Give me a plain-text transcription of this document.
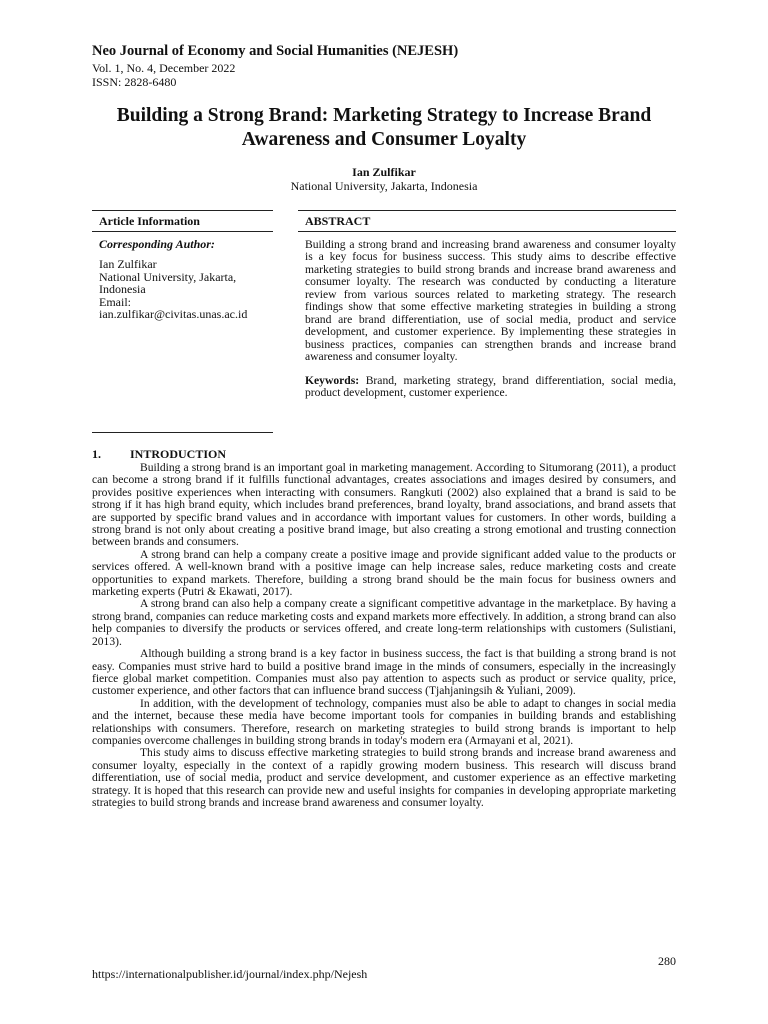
Neo Journal of Economy and Social Humanities (NEJESH)
Vol. 1, No. 4, December 2022
ISSN: 2828-6480
Building a Strong Brand: Marketing Strategy to Increase Brand
Awareness and Consumer Loyalty
Ian Zulfikar
National University, Jakarta, Indonesia
Article Information
Corresponding Author:
Ian Zulfikar
National University, Jakarta,
Indonesia
Email:
ian.zulfikar@civitas.unas.ac.id
ABSTRACT
Building a strong brand and increasing brand awareness and consumer loyalty is a key focus for business success. This study aims to describe effective marketing strategies to build strong brands and increase brand awareness and consumer loyalty. The research was conducted by conducting a literature review from various sources related to marketing strategy. The research findings show that some effective marketing strategies in building a strong brand are brand differentiation, use of social media, product and service development, and customer experience. By implementing these strategies in business practices, companies can strengthen brands and increase brand awareness and consumer loyalty.
Keywords: Brand, marketing strategy, brand differentiation, social media, product development, customer experience.
1. INTRODUCTION

Building a strong brand is an important goal in marketing management. According to Situmorang (2011), a product can become a strong brand if it fulfills functional advantages, creates associations and images desired by consumers, and provides positive experiences when interacting with consumers. Rangkuti (2002) also explained that a brand is said to be strong if it has high brand equity, which includes brand preferences, brand loyalty, brand associations, and brand assets that are supported by specific brand values and in accordance with important values for customers. In other words, building a strong brand is not only about creating a positive brand image, but also creating a strong emotional and trusting connection between brands and consumers.

A strong brand can help a company create a positive image and provide significant added value to the products or services offered. A well-known brand with a positive image can help increase sales, reduce marketing costs and create opportunities to expand markets. Therefore, building a strong brand should be the main focus for business owners and marketing experts (Putri & Ekawati, 2017).

A strong brand can also help a company create a significant competitive advantage in the marketplace. By having a strong brand, companies can reduce marketing costs and expand markets more effectively. In addition, a strong brand can also help companies to diversify the products or services offered, and create long-term relationships with customers (Sulistiani, 2013).

Although building a strong brand is a key factor in business success, the fact is that building a strong brand is not easy. Companies must strive hard to build a positive brand image in the minds of consumers, especially in the increasingly fierce global market competition. Companies must also pay attention to aspects such as product or service quality, price, customer experience, and other factors that can influence brand success (Tjahjaningsih & Yuliani, 2009).

In addition, with the development of technology, companies must also be able to adapt to changes in social media and the internet, because these media have become important tools for companies in building brands and establishing relationships with consumers. Therefore, research on marketing strategies to build strong brands is important to help companies overcome challenges in building strong brands in today's modern era (Armayani et al, 2021).

This study aims to discuss effective marketing strategies to build strong brands and increase brand awareness and consumer loyalty, especially in the context of a rapidly growing modern business. This research will discuss brand differentiation, use of social media, product and service development, and customer experience as an effective marketing strategy. It is hoped that this research can provide new and useful insights for companies in developing appropriate marketing strategies to build strong brands and increase brand awareness and consumer loyalty.

280
https://internationalpublisher.id/journal/index.php/Nejesh
